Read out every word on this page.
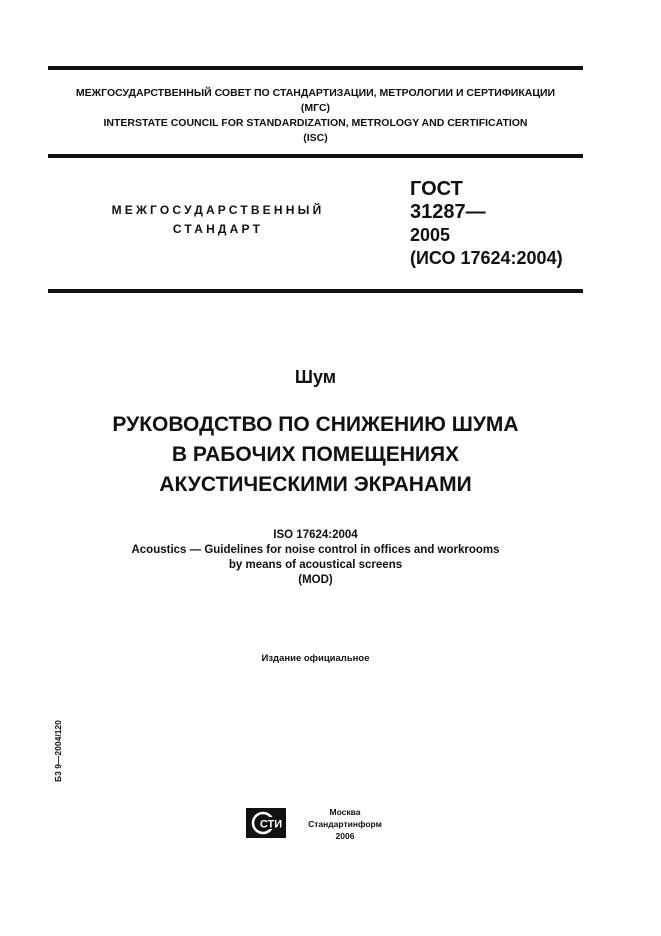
МЕЖГОСУДАРСТВЕННЫЙ СОВЕТ ПО СТАНДАРТИЗАЦИИ, МЕТРОЛОГИИ И СЕРТИФИКАЦИИ
(МГС)
INTERSTATE COUNCIL FOR STANDARDIZATION, METROLOGY AND CERTIFICATION
(ISC)
МЕЖГОСУДАРСТВЕННЫЙ
СТАНДАРТ
ГОСТ
31287—
2005
(ИСО 17624:2004)
Шум
РУКОВОДСТВО ПО СНИЖЕНИЮ ШУМА
В РАБОЧИХ ПОМЕЩЕНИЯХ
АКУСТИЧЕСКИМИ ЭКРАНАМИ
ISO 17624:2004
Acoustics — Guidelines for noise control in offices and workrooms
by means of acoustical screens
(MOD)
Издание официальное
Б3 9—2004/120
СТИ
Москва
Стандартинформ
2006
